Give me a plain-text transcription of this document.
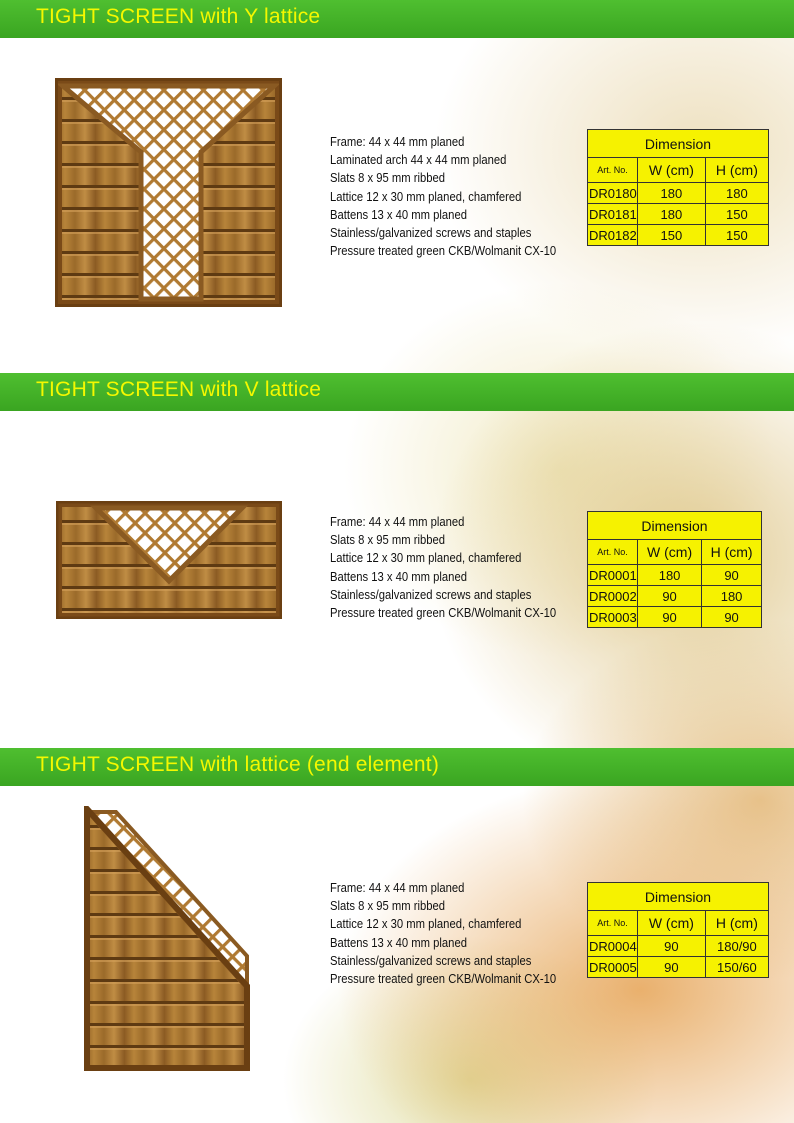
TIGHT SCREEN with Y lattice
Frame: 44 x 44 mm planed
Laminated arch 44 x 44 mm planed
Slats 8 x 95 mm ribbed
Lattice 12 x 30 mm planed, chamfered
Battens 13 x 40 mm planed
Stainless/galvanized screws and staples
Pressure treated green CKB/Wolmanit CX-10
Dimension		
Art. No.	W (cm)	H (cm)
DR0180	180	180
DR0181	180	150
DR0182	150	150
TIGHT SCREEN with V lattice
Frame: 44 x 44 mm planed
Slats 8 x 95 mm ribbed
Lattice 12 x 30 mm planed, chamfered
Battens 13 x 40 mm planed
Stainless/galvanized screws and staples
Pressure treated green CKB/Wolmanit CX-10
Dimension		
Art. No.	W (cm)	H (cm)
DR0001	180	90
DR0002	90	180
DR0003	90	90
TIGHT SCREEN with lattice (end element)
Frame: 44 x 44 mm planed
Slats 8 x 95 mm ribbed
Lattice 12 x 30 mm planed, chamfered
Battens 13 x 40 mm planed
Stainless/galvanized screws and staples
Pressure treated green CKB/Wolmanit CX-10
Dimension		
Art. No.	W (cm)	H (cm)
DR0004	90	180/90
DR0005	90	150/60
